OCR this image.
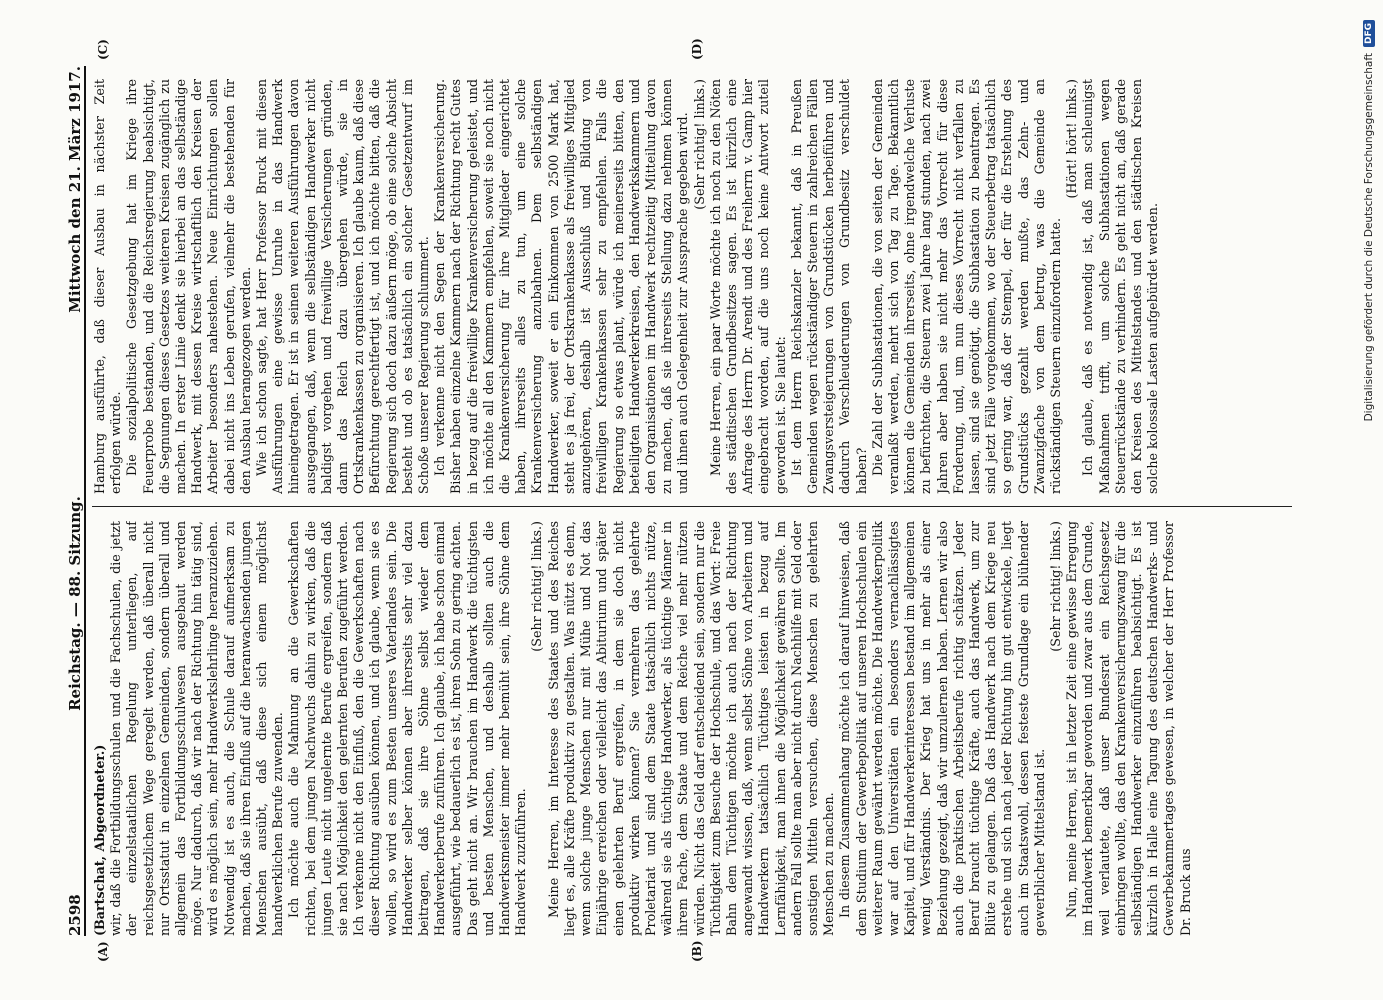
2598
Reichstag. — 88. Sitzung.
Mittwoch den 21. März 1917.
(A)	(B)
(C)	(D)

(Bartschat, Abgeordneter.) wir, daß die Fortbildungsschulen und die Fachschulen, die jetzt der einzelstaatlichen Regelung unterliegen, auf reichsgesetzlichem Wege geregelt werden, daß überall nicht nur Ortsstatut in einzelnen Gemeinden, sondern überall und allgemein das Fortbildungsschulwesen ausgebaut werden möge. Nur dadurch, daß wir nach der Richtung hin tätig sind, wird es möglich sein, mehr Handwerkslehrlinge heranzuziehen. Notwendig ist es auch, die Schule darauf aufmerksam zu machen, daß sie ihren Einfluß auf die heranwachsenden jungen Menschen ausübt, daß diese sich einem möglichst handwerklichen Berufe zuwenden. Ich möchte auch die Mahnung an die Gewerkschaften richten, bei dem jungen Nachwuchs dahin zu wirken, daß die jungen Leute nicht ungelernte Berufe ergreifen, sondern daß sie nach Möglichkeit den gelernten Berufen zugeführt werden. Ich verkenne nicht den Einfluß, den die Gewerkschaften nach dieser Richtung ausüben können, und ich glaube, wenn sie es wollen, so wird es zum Besten unseres Vaterlandes sein. Die Handwerker selber können aber ihrerseits sehr viel dazu beitragen, daß sie ihre Söhne selbst wieder dem Handwerkerberufe zuführen. Ich glaube, ich habe schon einmal ausgeführt, wie bedauerlich es ist, ihren Sohn zu gering achten. Das geht nicht an. Wir brauchen im Handwerk die tüchtigsten und besten Menschen, und deshalb sollten auch die Handwerksmeister immer mehr bemüht sein, ihre Söhne dem Handwerk zuzuführen.

(Sehr richtig! links.) Meine Herren, im Interesse des Staates und des Reiches liegt es, alle Kräfte produktiv zu gestalten. Was nützt es denn, wenn solche junge Menschen nur mit Mühe und Not das Einjährige erreichen oder vielleicht das Abiturium und später einen gelehrten Beruf ergreifen, in dem sie doch nicht produktiv wirken können? Sie vermehren das gelehrte Proletariat und sind dem Staate tatsächlich nichts nütze, während sie als tüchtige Handwerker, als tüchtige Männer in ihrem Fache, dem Staate und dem Reiche viel mehr nützen würden. Nicht das Geld darf entscheidend sein, sondern nur die Tüchtigkeit zum Besuche der Hochschule, und das Wort: Freie Bahn dem Tüchtigen möchte ich auch nach der Richtung angewandt wissen, daß, wenn selbst Söhne von Arbeitern und Handwerkern tatsächlich Tüchtiges leisten in bezug auf Lernfähigkeit, man ihnen die Möglichkeit gewähren sollte. Im andern Fall sollte man aber nicht durch Nachhilfe mit Geld oder sonstigen Mitteln versuchen, diese Menschen zu gelehrten Menschen zu machen. In diesem Zusammenhang möchte ich darauf hinweisen, daß dem Studium der Gewerbepolitik auf unseren Hochschulen ein weiterer Raum gewährt werden möchte. Die Handwerkerpolitik war auf den Universitäten ein besonders vernachlässigtes Kapitel, und für Handwerkerinteressen bestand im allgemeinen wenig Verständnis. Der Krieg hat uns in mehr als einer Beziehung gezeigt, daß wir umzulernen haben. Lernen wir also auch die praktischen Arbeitsberufe richtig schätzen. Jeder Beruf braucht tüchtige Kräfte, auch das Handwerk, um zur Blüte zu gelangen. Daß das Handwerk nach dem Kriege neu erstehe und sich nach jeder Richtung hin gut entwickele, liegt auch im Staatswohl, dessen festeste Grundlage ein blühender gewerblicher Mittelstand ist.

(Sehr richtig! links.) Nun, meine Herren, ist in letzter Zeit eine gewisse Erregung im Handwerk bemerkbar geworden und zwar aus dem Grunde, weil verlautete, daß unser Bundesrat ein Reichsgesetz einbringen wollte, das den Krankenversicherungszwang für die selbständigen Handwerker einzuführen beabsichtigt. Es ist kürzlich in Halle eine Tagung des deutschen Handwerks- und Gewerbekammertages gewesen, in welcher der Herr Professor Dr. Bruck aus

Hamburg ausführte, daß dieser Ausbau in nächster Zeit erfolgen würde. Die sozialpolitische Gesetzgebung hat im Kriege ihre Feuerprobe bestanden, und die Reichsregierung beabsichtigt, die Segnungen dieses Gesetzes weiteren Kreisen zugänglich zu machen. In erster Linie denkt sie hierbei an das selbständige Handwerk, mit dessen Kreise wirtschaftlich den Kreisen der Arbeiter besonders nahestehen. Neue Einrichtungen sollen dabei nicht ins Leben gerufen, vielmehr die bestehenden für den Ausbau herangezogen werden. Wie ich schon sagte, hat Herr Professor Bruck mit diesen Ausführungen eine gewisse Unruhe in das Handwerk hineingetragen. Er ist in seinen weiteren Ausführungen davon ausgegangen, daß, wenn die selbständigen Handwerker nicht baldigst vorgehen und freiwillige Versicherungen gründen, dann das Reich dazu übergehen würde, sie in Ortskrankenkassen zu organisieren. Ich glaube kaum, daß diese Befürchtung gerechtfertigt ist, und ich möchte bitten, daß die Regierung sich doch dazu äußern möge, ob eine solche Absicht besteht und ob es tatsächlich ein solcher Gesetzentwurf im Schoße unserer Regierung schlummert. Ich verkenne nicht den Segen der Krankenversicherung. Bisher haben einzelne Kammern nach der Richtung recht Gutes in bezug auf die freiwillige Krankenversicherung geleistet, und ich möchte all den Kammern empfehlen, soweit sie noch nicht die Krankenversicherung für ihre Mitglieder eingerichtet haben, ihrerseits alles zu tun, um eine solche Krankenversicherung anzubahnen. Dem selbständigen Handwerker, soweit er ein Einkommen von 2500 Mark hat, steht es ja frei, der Ortskrankenkasse als freiwilliges Mitglied anzugehören, deshalb ist Ausschluß und Bildung von freiwilligen Krankenkassen sehr zu empfehlen. Falls die Regierung so etwas plant, würde ich meinerseits bitten, den beteiligten Handwerkerkreisen, den Handwerkskammern und den Organisationen im Handwerk rechtzeitig Mitteilung davon zu machen, daß sie ihrerseits Stellung dazu nehmen können und ihnen auch Gelegenheit zur Aussprache gegeben wird. (Sehr richtig! links.) Meine Herren, ein paar Worte möchte ich noch zu den Nöten des städtischen Grundbesitzes sagen. Es ist kürzlich eine Anfrage des Herrn Dr. Arendt und des Freiherrn v. Gamp hier eingebracht worden, auf die uns noch keine Antwort zuteil geworden ist. Sie lautet: Ist dem Herrn Reichskanzler bekannt, daß in Preußen Gemeinden wegen rückständiger Steuern in zahlreichen Fällen Zwangsversteigerungen von Grundstücken herbeiführen und dadurch Verschleuderungen von Grundbesitz verschuldet haben? Die Zahl der Subhastationen, die von seiten der Gemeinden veranlaßt werden, mehrt sich von Tag zu Tage. Bekanntlich können die Gemeinden ihrerseits, ohne irgendwelche Verluste zu befürchten, die Steuern zwei Jahre lang stunden, nach zwei Jahren aber haben sie nicht mehr das Vorrecht für diese Forderung, und, um nun dieses Vorrecht nicht verfallen zu lassen, sind sie genötigt, die Subhastation zu beantragen. Es sind jetzt Fälle vorgekommen, wo der Steuerbetrag tatsächlich so gering war, daß der Stempel, der für die Erstehung des Grundstücks gezahlt werden mußte, das Zehn- und Zwanzigfache von dem betrug, was die Gemeinde an rückständigen Steuern einzufordern hatte.

(Hört! hört! links.) Ich glaube, daß es notwendig ist, daß man schleunigst Maßnahmen trifft, um solche Subhastationen wegen Steuerrückstände zu verhindern. Es geht nicht an, daß gerade den Kreisen des Mittelstandes und den städtischen Kreisen solche kolossale Lasten aufgebürdet werden.	Digitalisierung gefördert durch die Deutsche Forschungsgemeinschaft
DFG
